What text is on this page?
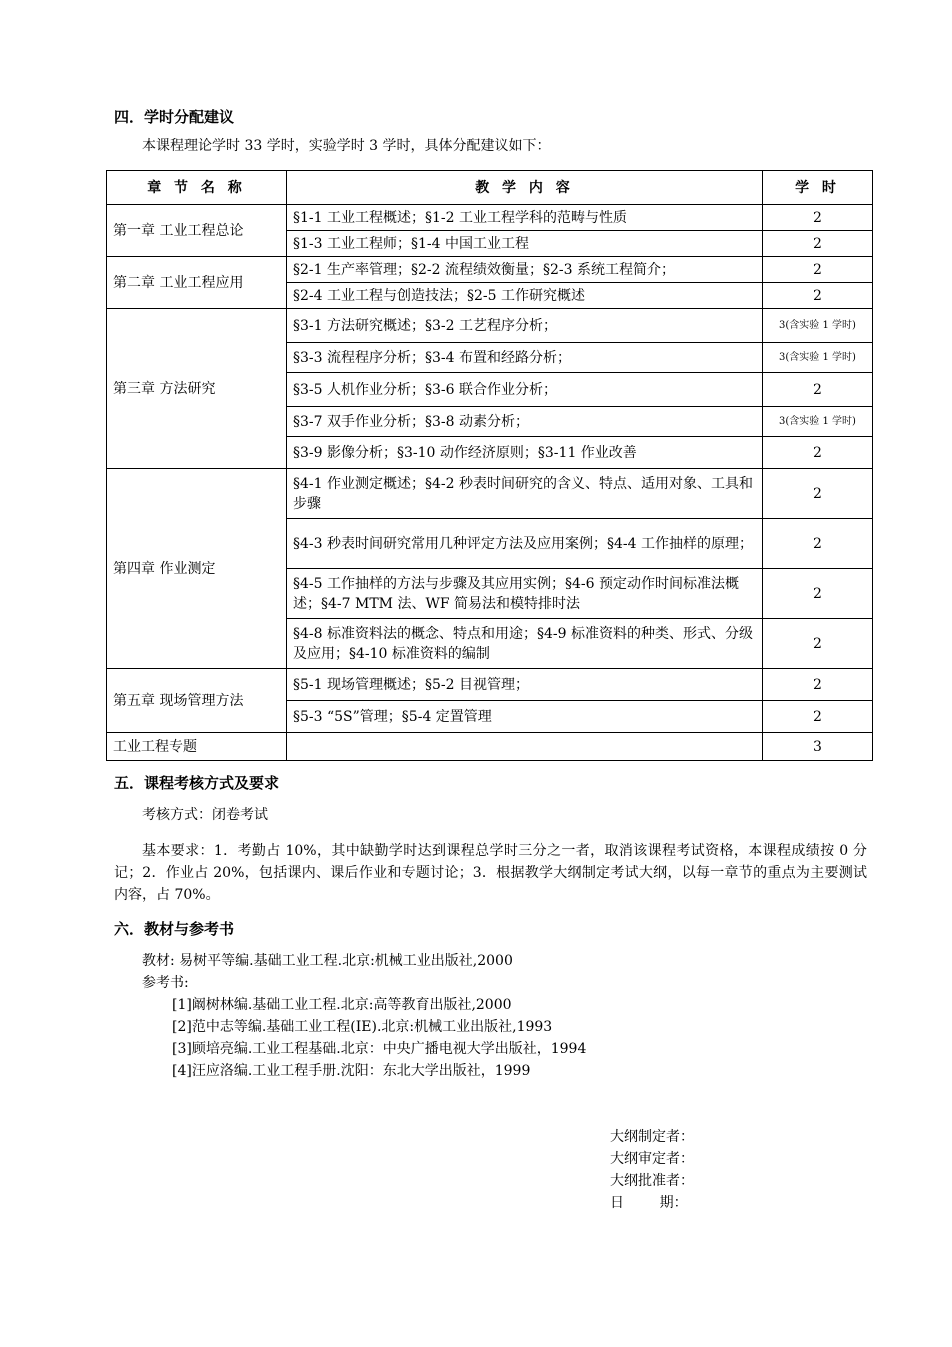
四．学时分配建议

本课程理论学时 33 学时，实验学时 3 学时，具体分配建议如下：

章 节 名 称	教 学 内 容	学 时
第一章 工业工程总论	§1-1 工业工程概述；§1-2 工业工程学科的范畴与性质	2
	§1-3 工业工程师；§1-4 中国工业工程	2
第二章 工业工程应用	§2-1 生产率管理；§2-2 流程绩效衡量；§2-3 系统工程简介；	2
	§2-4 工业工程与创造技法；§2-5 工作研究概述	2
第三章 方法研究	§3-1 方法研究概述；§3-2 工艺程序分析；	3(含实验 1 学时)
	§3-3 流程程序分析；§3-4 布置和经路分析；	3(含实验 1 学时)
	§3-5 人机作业分析；§3-6 联合作业分析；	2
	§3-7 双手作业分析；§3-8 动素分析；	3(含实验 1 学时)
	§3-9 影像分析；§3-10 动作经济原则；§3-11 作业改善	2
第四章 作业测定	§4-1 作业测定概述；§4-2 秒表时间研究的含义、特点、适用对象、工具和步骤	2
	§4-3 秒表时间研究常用几种评定方法及应用案例；§4-4 工作抽样的原理；	2
	§4-5 工作抽样的方法与步骤及其应用实例；§4-6 预定动作时间标准法概述；§4-7 MTM 法、WF 简易法和模特排时法	2
	§4-8 标准资料法的概念、特点和用途；§4-9 标准资料的种类、形式、分级及应用；§4-10 标准资料的编制	2
第五章 现场管理方法	§5-1 现场管理概述；§5-2 目视管理；	2
	§5-3 “5S”管理；§5-4 定置管理	2
工业工程专题		3
五．课程考核方式及要求

考核方式：闭卷考试

基本要求：1．考勤占 10%，其中缺勤学时达到课程总学时三分之一者，取消该课程考试资格，本课程成绩按 0 分记；2．作业占 20%，包括课内、课后作业和专题讨论；3．根据教学大纲制定考试大纲，以每一章节的重点为主要测试内容，占 70%。

六．教材与参考书

教材: 易树平等编.基础工业工程.北京:机械工业出版社,2000

参考书:

[1]阚树林编.基础工业工程.北京:高等教育出版社,2000

[2]范中志等编.基础工业工程(IE).北京:机械工业出版社,1993

[3]顾培亮编.工业工程基础.北京：中央广播电视大学出版社，1994

[4]汪应洛编.工业工程手册.沈阳：东北大学出版社，1999

大纲制定者：

大纲审定者：

大纲批准者：

日        期：
